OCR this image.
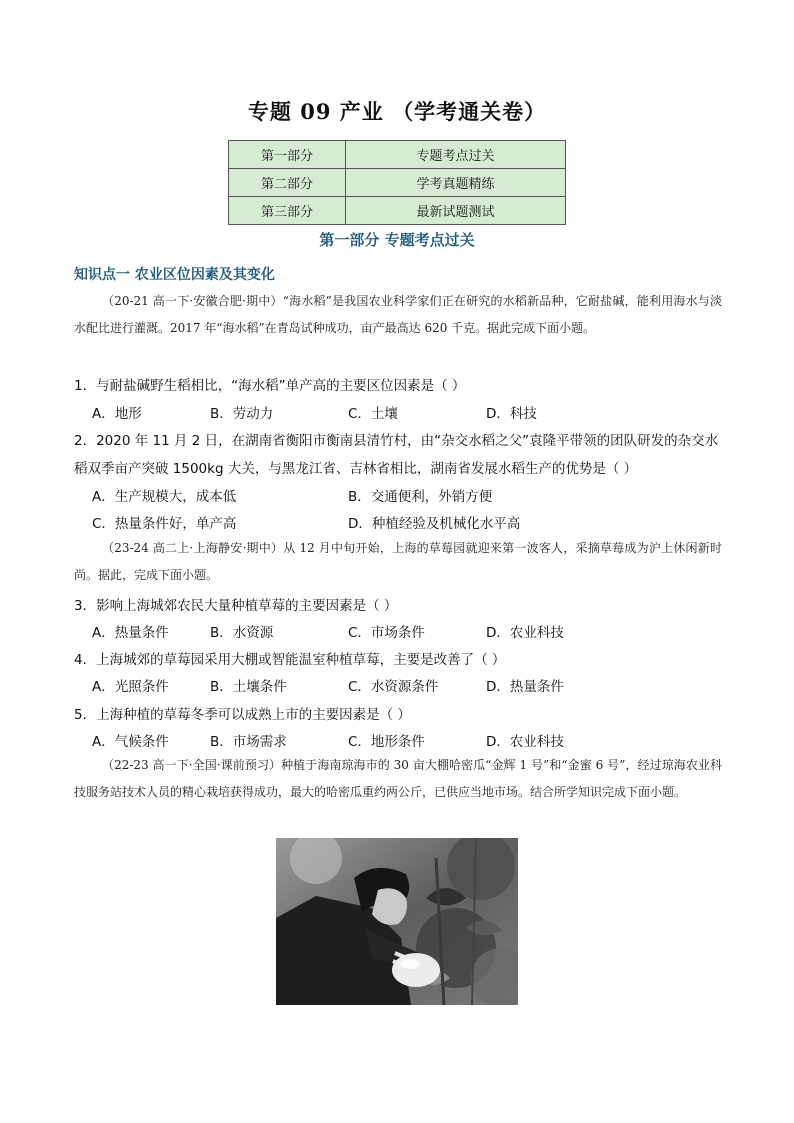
专题 09 产业 （学考通关卷）
第一部分	专题考点过关
第二部分	学考真题精练
第三部分	最新试题测试
第一部分 专题考点过关
知识点一 农业区位因素及其变化
（20-21 高一下·安徽合肥·期中）“海水稻”是我国农业科学家们正在研究的水稻新品种，它耐盐碱，能利用海水与淡水配比进行灌溉。2017 年“海水稻”在青岛试种成功，亩产最高达 620 千克。据此完成下面小题。
1．与耐盐碱野生稻相比，“海水稻”单产高的主要区位因素是（ ）
A．地形	B．劳动力	C．土壤	D．科技
2．2020 年 11 月 2 日，在湖南省衡阳市衡南县清竹村，由“杂交水稻之父”袁隆平带领的团队研发的杂交水
稻双季亩产突破 1500kg 大关，与黑龙江省、吉林省相比，湖南省发展水稻生产的优势是（ ）
A．生产规模大，成本低	B．交通便利，外销方便
C．热量条件好，单产高	D．种植经验及机械化水平高
（23-24 高二上·上海静安·期中）从 12 月中旬开始，上海的草莓园就迎来第一波客人，采摘草莓成为沪上休闲新时尚。据此，完成下面小题。
3．影响上海城郊农民大量种植草莓的主要因素是（ ）
A．热量条件	B．水资源	C．市场条件	D．农业科技
4．上海城郊的草莓园采用大棚或智能温室种植草莓，主要是改善了（ ）
A．光照条件	B．土壤条件	C．水资源条件	D．热量条件
5．上海种植的草莓冬季可以成熟上市的主要因素是（ ）
A．气候条件	B．市场需求	C．地形条件	D．农业科技
（22-23 高一下·全国·课前预习）种植于海南琼海市的 30 亩大棚哈密瓜“金辉 1 号”和“金蜜 6 号”，经过琼海农业科技服务站技术人员的精心栽培获得成功，最大的哈密瓜重约两公斤，已供应当地市场。结合所学知识完成下面小题。
